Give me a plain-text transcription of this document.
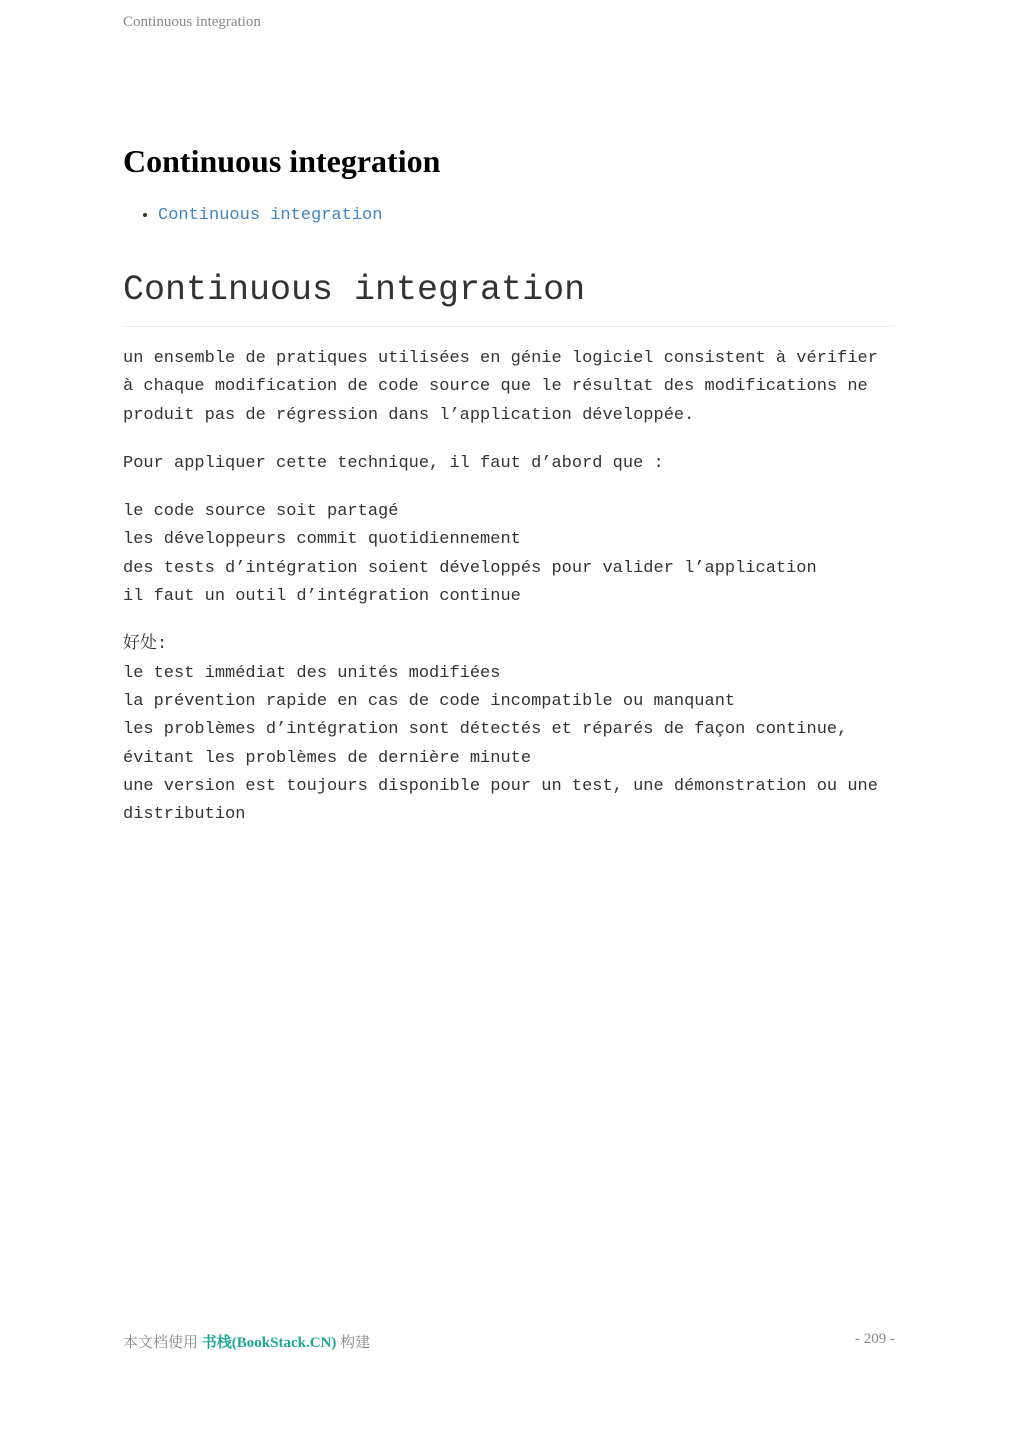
Continuous integration
Continuous integration
• Continuous integration
Continuous integration

un ensemble de pratiques utilisées en génie logiciel consistent à vérifier à chaque modification de code source que le résultat des modifications ne produit pas de régression dans l’application développée.

Pour appliquer cette technique, il faut d’abord que :

le code source soit partagé
les développeurs commit quotidiennement
des tests d’intégration soient développés pour valider l’application
il faut un outil d’intégration continue
好处:
le test immédiat des unités modifiées
la prévention rapide en cas de code incompatible ou manquant
les problèmes d’intégration sont détectés et réparés de façon continue, évitant les problèmes de dernière minute
une version est toujours disponible pour un test, une démonstration ou une distribution
本文档使用 书栈(BookStack.CN) 构建	- 209 -
